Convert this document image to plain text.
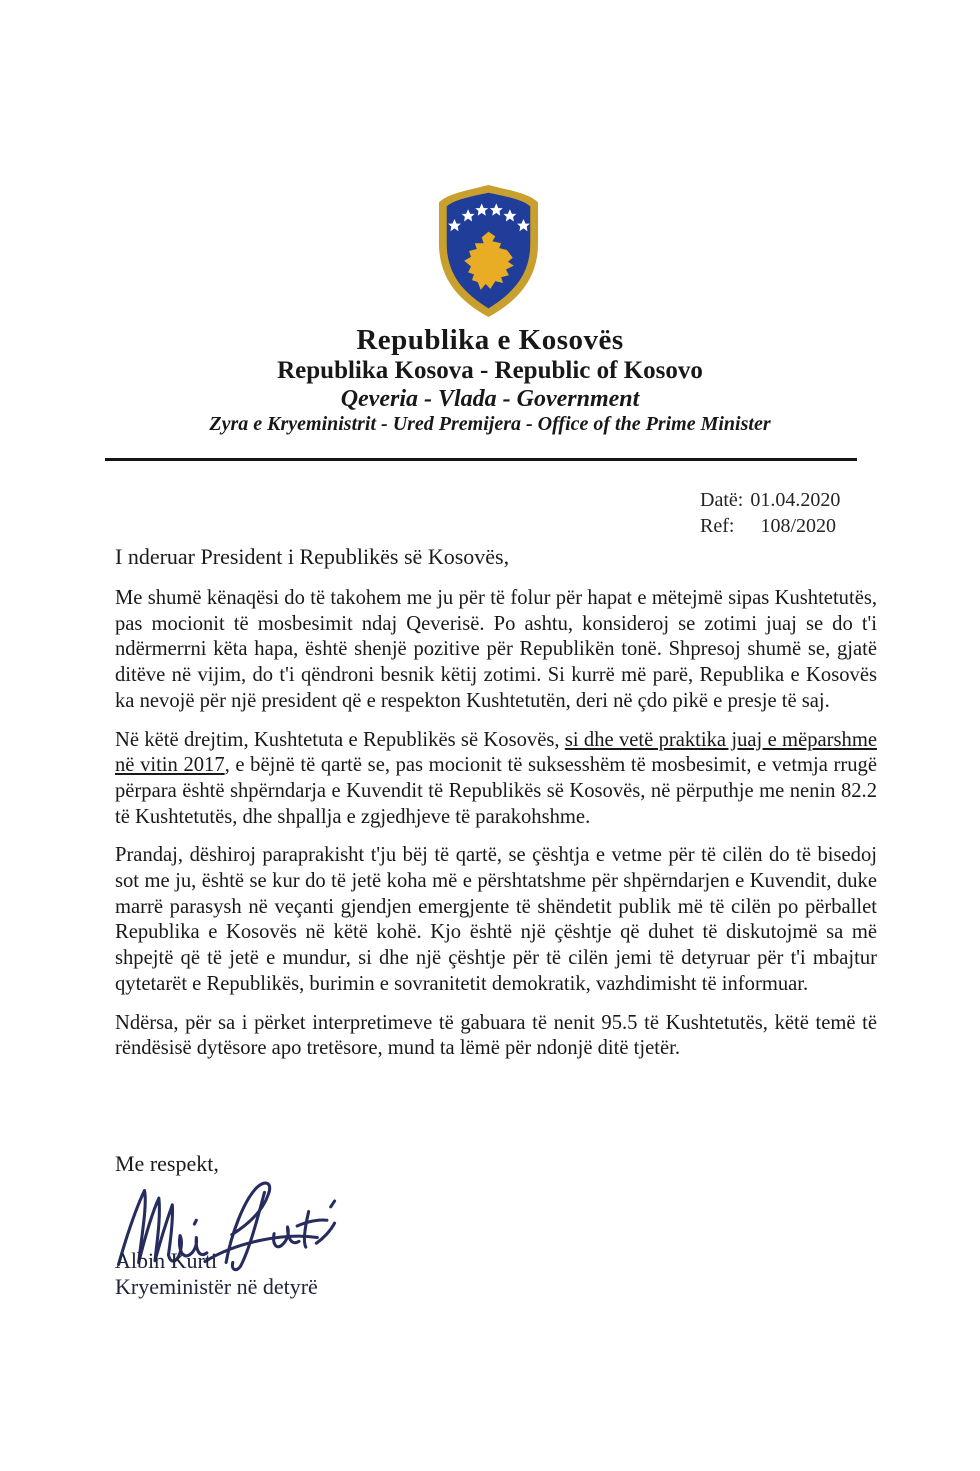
Republika e Kosovës
Republika Kosova - Republic of Kosovo
Qeveria - Vlada - Government
Zyra e Kryeministrit - Ured Premijera - Office of the Prime Minister
Datë: 01.04.2020
Ref: 108/2020
I nderuar President i Republikës së Kosovës,

Me shumë kënaqësi do të takohem me ju për të folur për hapat e mëtejmë sipas Kushtetutës, pas mocionit të mosbesimit ndaj Qeverisë. Po ashtu, konsideroj se zotimi juaj se do t'i ndërmerrni këta hapa, është shenjë pozitive për Republikën tonë. Shpresoj shumë se, gjatë ditëve në vijim, do t'i qëndroni besnik këtij zotimi. Si kurrë më parë, Republika e Kosovës ka nevojë për një president që e respekton Kushtetutën, deri në çdo pikë e presje të saj.

Në këtë drejtim, Kushtetuta e Republikës së Kosovës, si dhe vetë praktika juaj e mëparshme në vitin 2017, e bëjnë të qartë se, pas mocionit të suksesshëm të mosbesimit, e vetmja rrugë përpara është shpërndarja e Kuvendit të Republikës së Kosovës, në përputhje me nenin 82.2 të Kushtetutës, dhe shpallja e zgjedhjeve të parakohshme.

Prandaj, dëshiroj paraprakisht t'ju bëj të qartë, se çështja e vetme për të cilën do të bisedoj sot me ju, është se kur do të jetë koha më e përshtatshme për shpërndarjen e Kuvendit, duke marrë parasysh në veçanti gjendjen emergjente të shëndetit publik më të cilën po përballet Republika e Kosovës në këtë kohë. Kjo është një çështje që duhet të diskutojmë sa më shpejtë që të jetë e mundur, si dhe një çështje për të cilën jemi të detyruar për t'i mbajtur qytetarët e Republikës, burimin e sovranitetit demokratik, vazhdimisht të informuar.

Ndërsa, për sa i përket interpretimeve të gabuara të nenit 95.5 të Kushtetutës, këtë temë të rëndësisë dytësore apo tretësore, mund ta lëmë për ndonjë ditë tjetër.

Me respekt,
Albin Kurti
Kryeministër në detyrë
